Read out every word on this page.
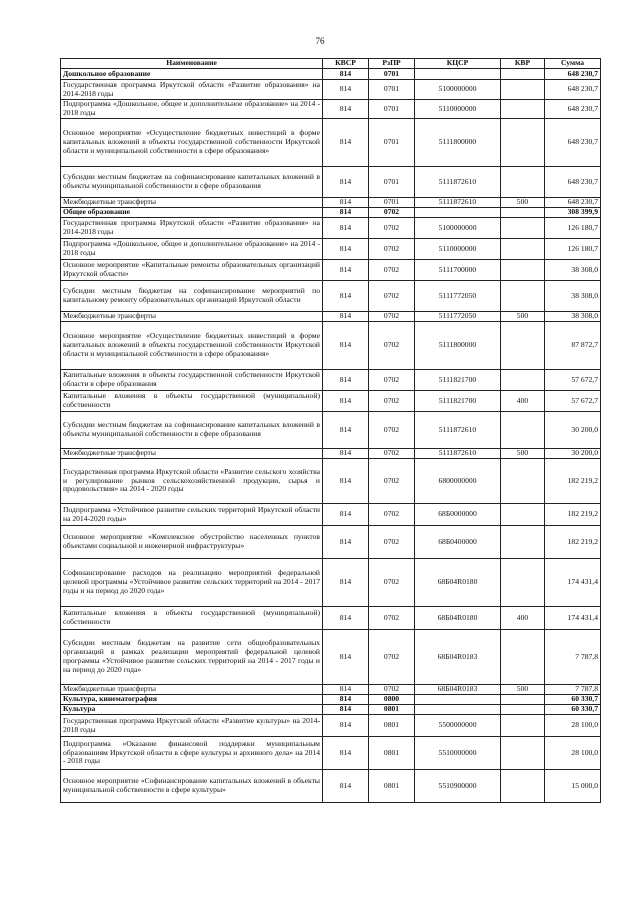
76
Наименование	КВСР	РзПР	КЦСР	КВР	Сумма
Дошкольное образование	814	0701			648 230,7
Государственная программа Иркутской области «Развитие образования» на 2014-2018 годы	814	0701	5100000000		648 230,7
Подпрограмма «Дошкольное, общее и дополнительное образование» на 2014 - 2018 годы	814	0701	5110000000		648 230,7
Основное мероприятие «Осуществление бюджетных инвестиций в форме капитальных вложений в объекты государственной собственности Иркутской области и муниципальной собственности в сфере образования»	814	0701	5111800000		648 230,7
Субсидии местным бюджетам на софинансирование капитальных вложений в объекты муниципальной собственности в сфере образования	814	0701	5111872610		648 230,7
Межбюджетные трансферты	814	0701	5111872610	500	648 230,7
Общее образование	814	0702			308 399,9
Государственная программа Иркутской области «Развитие образования» на 2014-2018 годы	814	0702	5100000000		126 180,7
Подпрограмма «Дошкольное, общее и дополнительное образование» на 2014 - 2018 годы	814	0702	5110000000		126 180,7
Основное мероприятие «Капитальные ремонты образовательных организаций Иркутской области»	814	0702	5111700000		38 308,0
Субсидии местным бюджетам на софинансирование мероприятий по капитальному ремонту образовательных организаций Иркутской области	814	0702	5111772050		38 308,0
Межбюджетные трансферты	814	0702	5111772050	500	38 308,0
Основное мероприятие «Осуществление бюджетных инвестиций в форме капитальных вложений в объекты государственной собственности Иркутской области и муниципальной собственности в сфере образования»	814	0702	5111800000		87 872,7
Капитальные вложения в объекты государственной собственности Иркутской области в сфере образования	814	0702	5111821700		57 672,7
Капитальные вложения в объекты государственной (муниципальной) собственности	814	0702	5111821700	400	57 672,7
Субсидии местным бюджетам на софинансирование капитальных вложений в объекты муниципальной собственности в сфере образования	814	0702	5111872610		30 200,0
Межбюджетные трансферты	814	0702	5111872610	500	30 200,0
Государственная программа Иркутской области «Развитие сельского хозяйства и регулирование рынков сельскохозяйственной продукции, сырья и продовольствия» на 2014 - 2020 годы	814	0702	6800000000		182 219,2
Подпрограмма «Устойчивое развитие сельских территорий Иркутской области на 2014-2020 годы»	814	0702	68Б0000000		182 219,2
Основное мероприятие «Комплексное обустройство населенных пунктов объектами социальной и инженерной инфраструктуры»	814	0702	68Б0400000		182 219,2
Софинансирование расходов на реализацию мероприятий федеральной целевой программы «Устойчивое развитие сельских территорий на 2014 - 2017 годы и на период до 2020 года»	814	0702	68Б04R0180		174 431,4
Капитальные вложения в объекты государственной (муниципальной) собственности	814	0702	68Б04R0180	400	174 431,4
Субсидии местным бюджетам на развитие сети общеобразовательных организаций в рамках реализации мероприятий федеральной целевой программы «Устойчивое развитие сельских территорий на 2014 - 2017 годы и на период до 2020 года»	814	0702	68Б04R0183		7 787,8
Межбюджетные трансферты	814	0702	68Б04R0183	500	7 787,8
Культура, кинематография	814	0800			60 330,7
Культура	814	0801			60 330,7
Государственная программа Иркутской области «Развитие культуры» на 2014-2018 годы	814	0801	5500000000		28 100,0
Подпрограмма «Оказание финансовой поддержки муниципальным образованиям Иркутской области в сфере культуры и архивного дела» на 2014 - 2018 годы	814	0801	5510000000		28 100,0
Основное мероприятие «Софинансирование капитальных вложений в объекты муниципальной собственности в сфере культуры»	814	0801	5510900000		15 000,0
